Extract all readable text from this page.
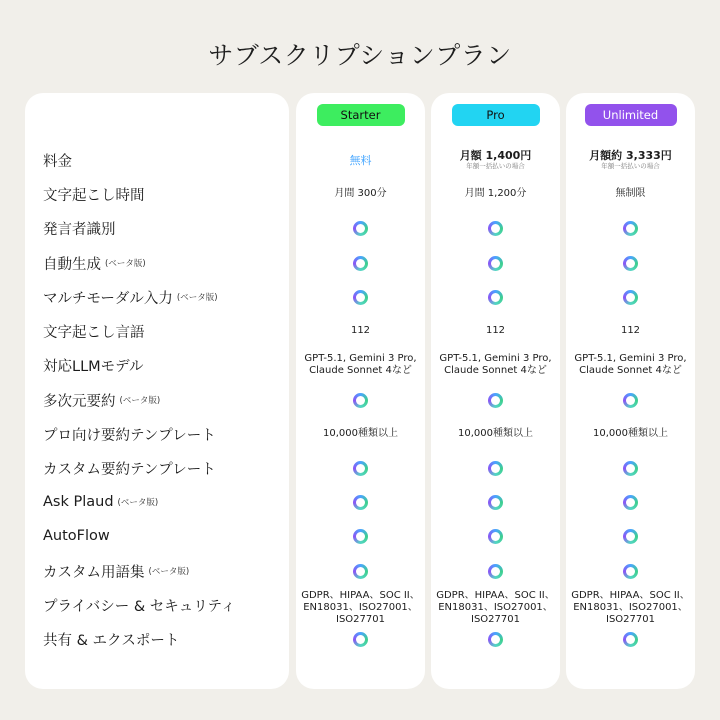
サブスクリプションプラン
料金
文字起こし時間
発言者識別
自動生成 (ベータ版)
マルチモーダル入力 (ベータ版)
文字起こし言語
対応LLMモデル
多次元要約 (ベータ版)
プロ向け要約テンプレート
カスタム要約テンプレート
Ask Plaud (ベータ版)
AutoFlow
カスタム用語集 (ベータ版)
プライバシー & セキュリティ
共有 & エクスポート
Starter
無料
月間 300分
112
GPT-5.1, Gemini 3 Pro,
Claude Sonnet 4など
10,000種類以上
GDPR、HIPAA、SOC II、
EN18031、ISO27001、
ISO27701
Pro
月額 1,400円
年額一括払いの場合
月間 1,200分
112
GPT-5.1, Gemini 3 Pro,
Claude Sonnet 4など
10,000種類以上
GDPR、HIPAA、SOC II、
EN18031、ISO27001、
ISO27701
Unlimited
月額約 3,333円
年額一括払いの場合
無制限
112
GPT-5.1, Gemini 3 Pro,
Claude Sonnet 4など
10,000種類以上
GDPR、HIPAA、SOC II、
EN18031、ISO27001、
ISO27701
